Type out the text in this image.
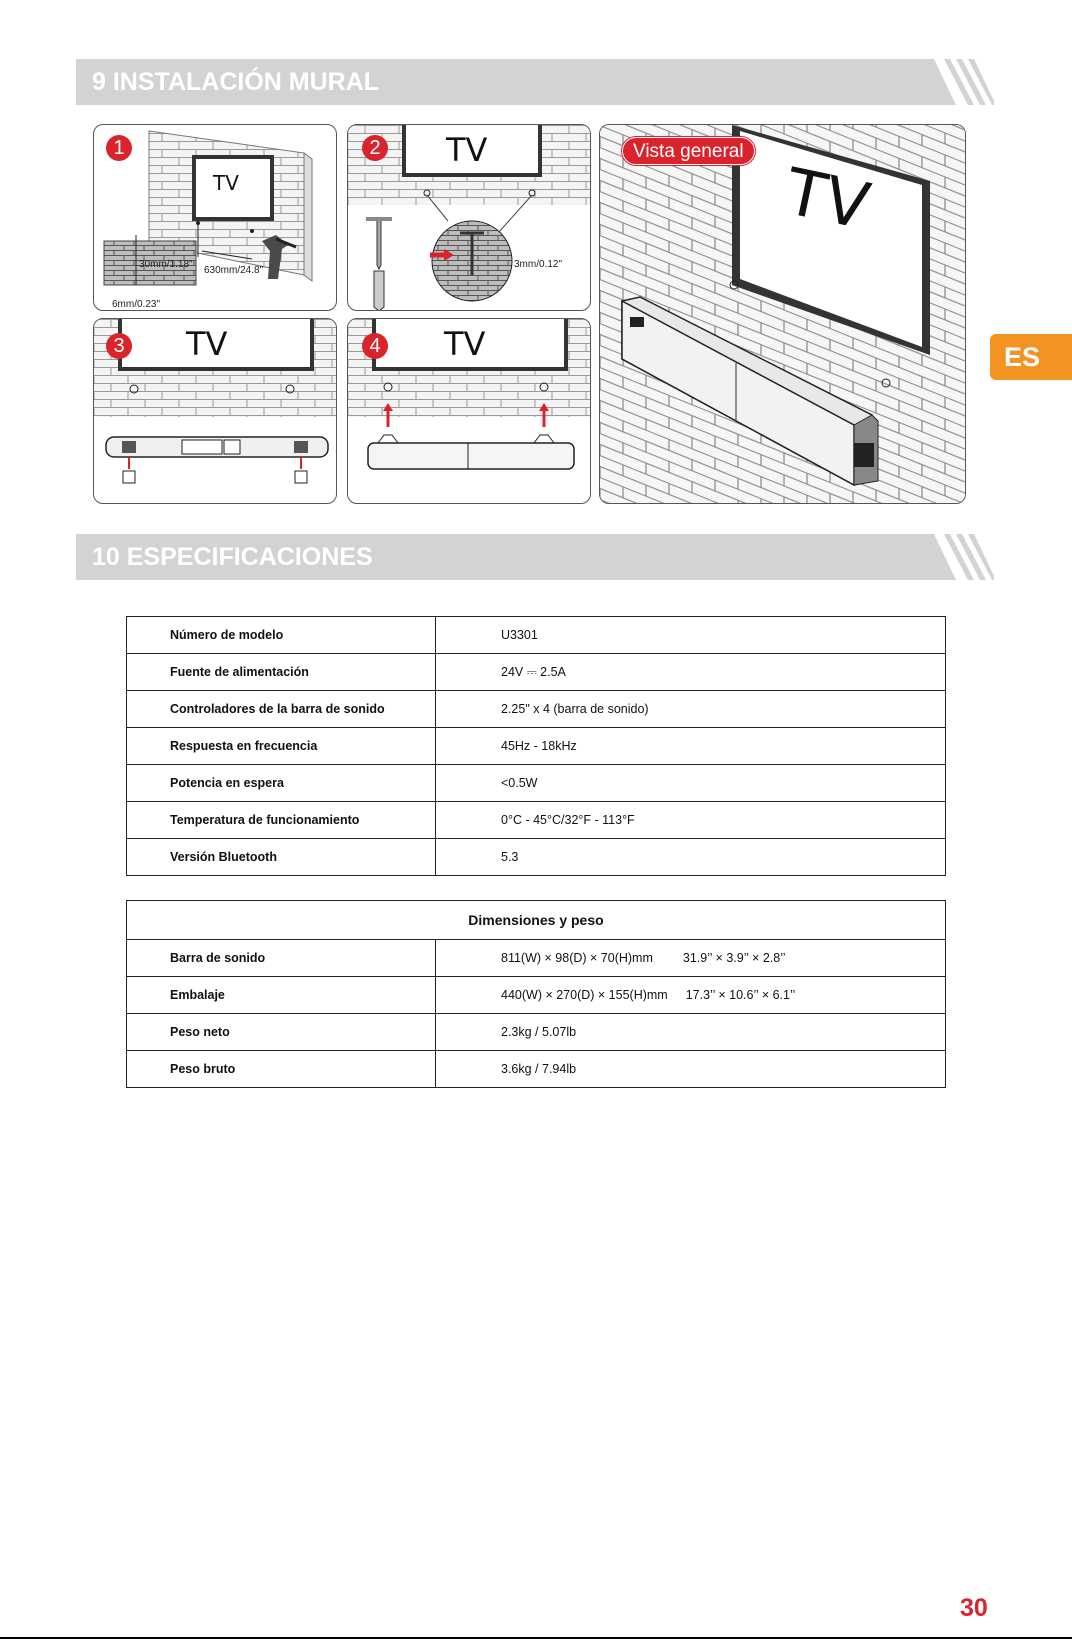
9 INSTALACIÓN MURAL
1
TV
30mm/1.18"
630mm/24.8"
6mm/0.23"
2 TV
3mm/0.12"
3 TV	4 TV
Vista general
TV
ES
10 ESPECIFICACIONES
Número de modelo	U3301
Fuente de alimentación	24V ⎓ 2.5A
Controladores de la barra de sonido	2.25" x 4 (barra de sonido)
Respuesta en frecuencia	45Hz - 18kHz
Potencia en espera	<0.5W
Temperatura de funcionamiento	0°C - 45°C/32°F - 113°F
Versión Bluetooth	5.3
Dimensiones y peso	
Barra de sonido	811(W) × 98(D) × 70(H)mm 31.9’’ × 3.9’’ × 2.8’’
Embalaje	440(W) × 270(D) × 155(H)mm 17.3’’ × 10.6’’ × 6.1’’
Peso neto	2.3kg / 5.07lb
Peso bruto	3.6kg / 7.94lb
30
